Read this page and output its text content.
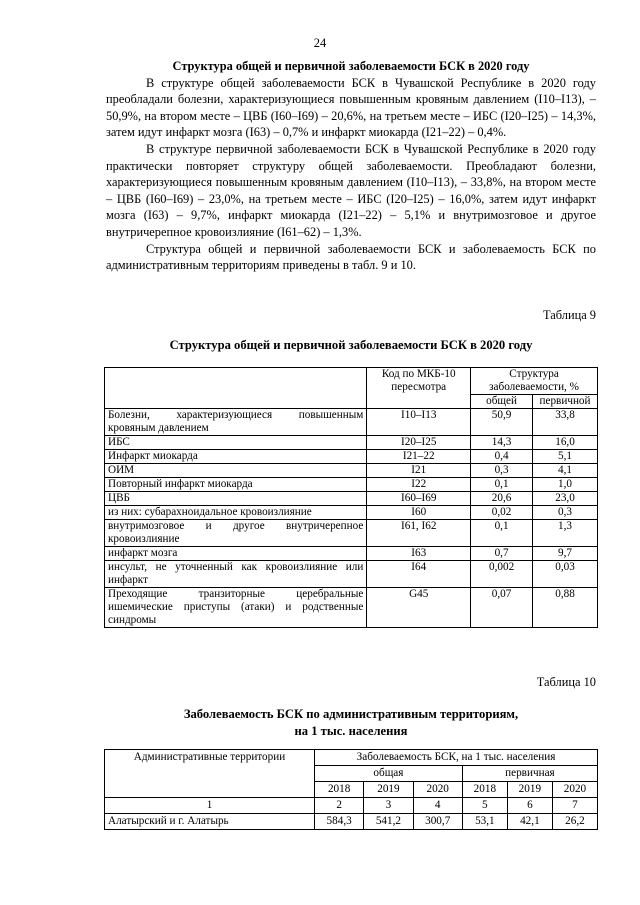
24
Структура общей и первичной заболеваемости БСК в 2020 году

В структуре общей заболеваемости БСК в Чувашской Республике в 2020 году преобладали болезни, характеризующиеся повышенным кровяным давлением (I10–I13), – 50,9%, на втором месте – ЦВБ (I60–I69) – 20,6%, на третьем месте – ИБС (I20–I25) – 14,3%, затем идут инфаркт мозга (I63) – 0,7% и инфаркт миокарда (I21–22) – 0,4%.

В структуре первичной заболеваемости БСК в Чувашской Республике в 2020 году практически повторяет структуру общей заболеваемости. Преобладают болезни, характеризующиеся повышенным кровяным давлением (I10–I13), – 33,8%, на втором месте – ЦВБ (I60–I69) – 23,0%, на третьем месте – ИБС (I20–I25) – 16,0%, затем идут инфаркт мозга (I63) – 9,7%, инфаркт миокарда (I21–22) – 5,1% и внутримозговое и другое внутричерепное кровоизлияние (I61–62) – 1,3%.

Структура общей и первичной заболеваемости БСК и заболеваемость БСК по административным территориям приведены в табл. 9 и 10.

Таблица 9
Структура общей и первичной заболеваемости БСК в 2020 году
	Код по МКБ-10 пересмотра	Структура заболеваемости, %	
		общей	первичной
Болезни, характеризующиеся повышенным кровяным давлением	I10–I13	50,9	33,8
ИБС	I20–I25	14,3	16,0
Инфаркт миокарда	I21–22	0,4	5,1
ОИМ	I21	0,3	4,1
Повторный инфаркт миокарда	I22	0,1	1,0
ЦВБ	I60–I69	20,6	23,0
из них: субарахноидальное кровоизлияние	I60	0,02	0,3
внутримозговое и другое внутричерепное кровоизлияние	I61, I62	0,1	1,3
инфаркт мозга	I63	0,7	9,7
инсульт, не уточненный как кровоизлияние или инфаркт	I64	0,002	0,03
Преходящие транзиторные церебральные ишемические приступы (атаки) и родственные синдромы	G45	0,07	0,88
Таблица 10
Заболеваемость БСК по административным территориям,
на 1 тыс. населения
Административные территории	Заболеваемость БСК, на 1 тыс. населения					
	общая			первичная		
	2018	2019	2020	2018	2019	2020
1	2	3	4	5	6	7
Алатырский и г. Алатырь	584,3	541,2	300,7	53,1	42,1	26,2
